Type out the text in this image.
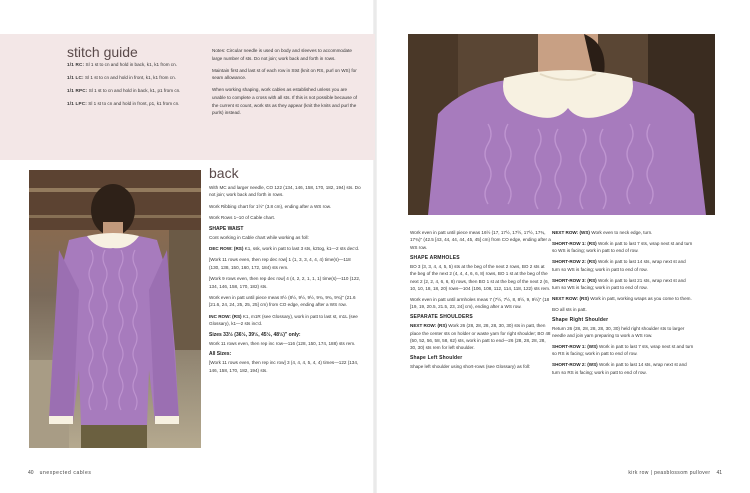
stitch guide
1/1 RC: Sl 1 st to cn and hold in back, k1, k1 from cn.
1/1 LC: Sl 1 st to cn and hold in front, k1, k1 from cn.
1/1 RPC: Sl 1 st to cn and hold in back, k1, p1 from cn.
1/1 LPC: Sl 1 st to cn and hold in front, p1, k1 from cn.
Notes: Circular needle is used on body and sleeves to accommodate large number of sts. Do not join; work back and forth in rows.
Maintain first and last st of each row in Stst (knit on RS, purl on WS) for seam allowance.
When working shaping, work cables as established unless you are unable to complete a cross with all sts. If this is not possible because of the current st count, work sts as they appear (knit the knits and purl the purls) instead.
back
With MC and larger needle, CO 122 (134, 146, 158, 170, 182, 194) sts. Do not join; work back and forth in rows.
Work Ribbing chart for 1½" (3.8 cm), ending after a WS row.
Work Rows 1–10 of Cable chart.
SHAPE WAIST
Cont working in Cable chart while working as foll:
DEC ROW: (RS) K1, ssk, work in patt to last 3 sts, k2tog, k1—2 sts dec'd.
[Work 11 rows even, then rep dec row] 1 (1, 3, 3, 4, 4, 4) time(s)—118 (130, 138, 150, 160, 172, 184) sts rem.
[Work 9 rows even, then rep dec row] 4 (4, 2, 2, 1, 1, 1) time(s)—110 (122, 134, 146, 158, 170, 182) sts.
Work even in patt until piece meas 8½ (8½, 9½, 9½, 9¾, 9¾, 9¾)" (21.6 [21.6, 24, 24, 25, 25, 25] cm) from CO edge, ending after a WS row.
INC ROW: (RS) K1, m1R (see Glossary), work in patt to last st, m1L (see Glossary), k1—2 sts inc'd.
Sizes 33½ (36½, 39½, 45½, 48½)" only:
Work 11 rows even, then rep inc row—116 (128, 150, 174, 188) sts rem.
All Sizes:
[Work 11 rows even, then rep inc row] 3 (4, 4, 4, 5, 4, 4) times—122 (134, 146, 158, 170, 182, 194) sts.
40 unexpected cables
Work even in patt until piece meas 16½ (17, 17½, 17½, 17½, 17¾, 17¾)" (42.5 [43, 44, 44, 44, 45, 45] cm) from CO edge, ending after a WS row.
SHAPE ARMHOLES
BO 3 (3, 3, 4, 4, 5, 5) sts at the beg of the next 2 rows, BO 2 sts at the beg of the next 2 (4, 4, 4, 6, 6, 8) rows, BO 1 st at the beg of the next 2 (2, 2, 4, 6, 6, 8) rows, then BO 1 st at the beg of the next 2 (6, 10, 10, 18, 18, 20) rows—104 (106, 108, 112, 114, 118, 122) sts rem.
Work even in patt until armholes meas 7 (7½, 7½, 8, 8½, 9, 9½)" (18 [19, 19, 20.5, 21.5, 23, 24] cm), ending after a WS row.
SEPARATE SHOULDERS
NEXT ROW: (RS) Work 26 (28, 28, 28, 28, 30, 30) sts in patt, then place the center sts on holder or waste yarn for right shoulder; BO 48 (50, 52, 56, 58, 58, 62) sts, work in patt to end—26 (28, 28, 28, 28, 30, 30) sts rem for left shoulder.
Shape Left Shoulder
Shape left shoulder using short-rows (see Glossary) as foll:
NEXT ROW: (WS) Work even to neck edge, turn.
SHORT-ROW 1: (RS) Work in patt to last 7 sts, wrap next st and turn so WS is facing; work in patt to end of row.
SHORT-ROW 2: (RS) Work in patt to last 14 sts, wrap next st and turn so WS is facing; work in patt to end of row.
SHORT-ROW 3: (RS) Work in patt to last 21 sts, wrap next st and turn so WS is facing; work in patt to end of row.
NEXT ROW: (RS) Work in patt, working wraps as you come to them.
BO all sts in patt.
Shape Right Shoulder
Return 26 (28, 28, 28, 28, 30, 30) held right shoulder sts to larger needle and join yarn preparing to work a WS row.
SHORT-ROW 1: (WS) Work in patt to last 7 sts, wrap next st and turn so RS is facing; work in patt to end of row.
SHORT-ROW 2: (WS) Work in patt to last 14 sts, wrap next st and turn so RS is facing; work in patt to end of row.
kirk row | peasblossom pullover 41
